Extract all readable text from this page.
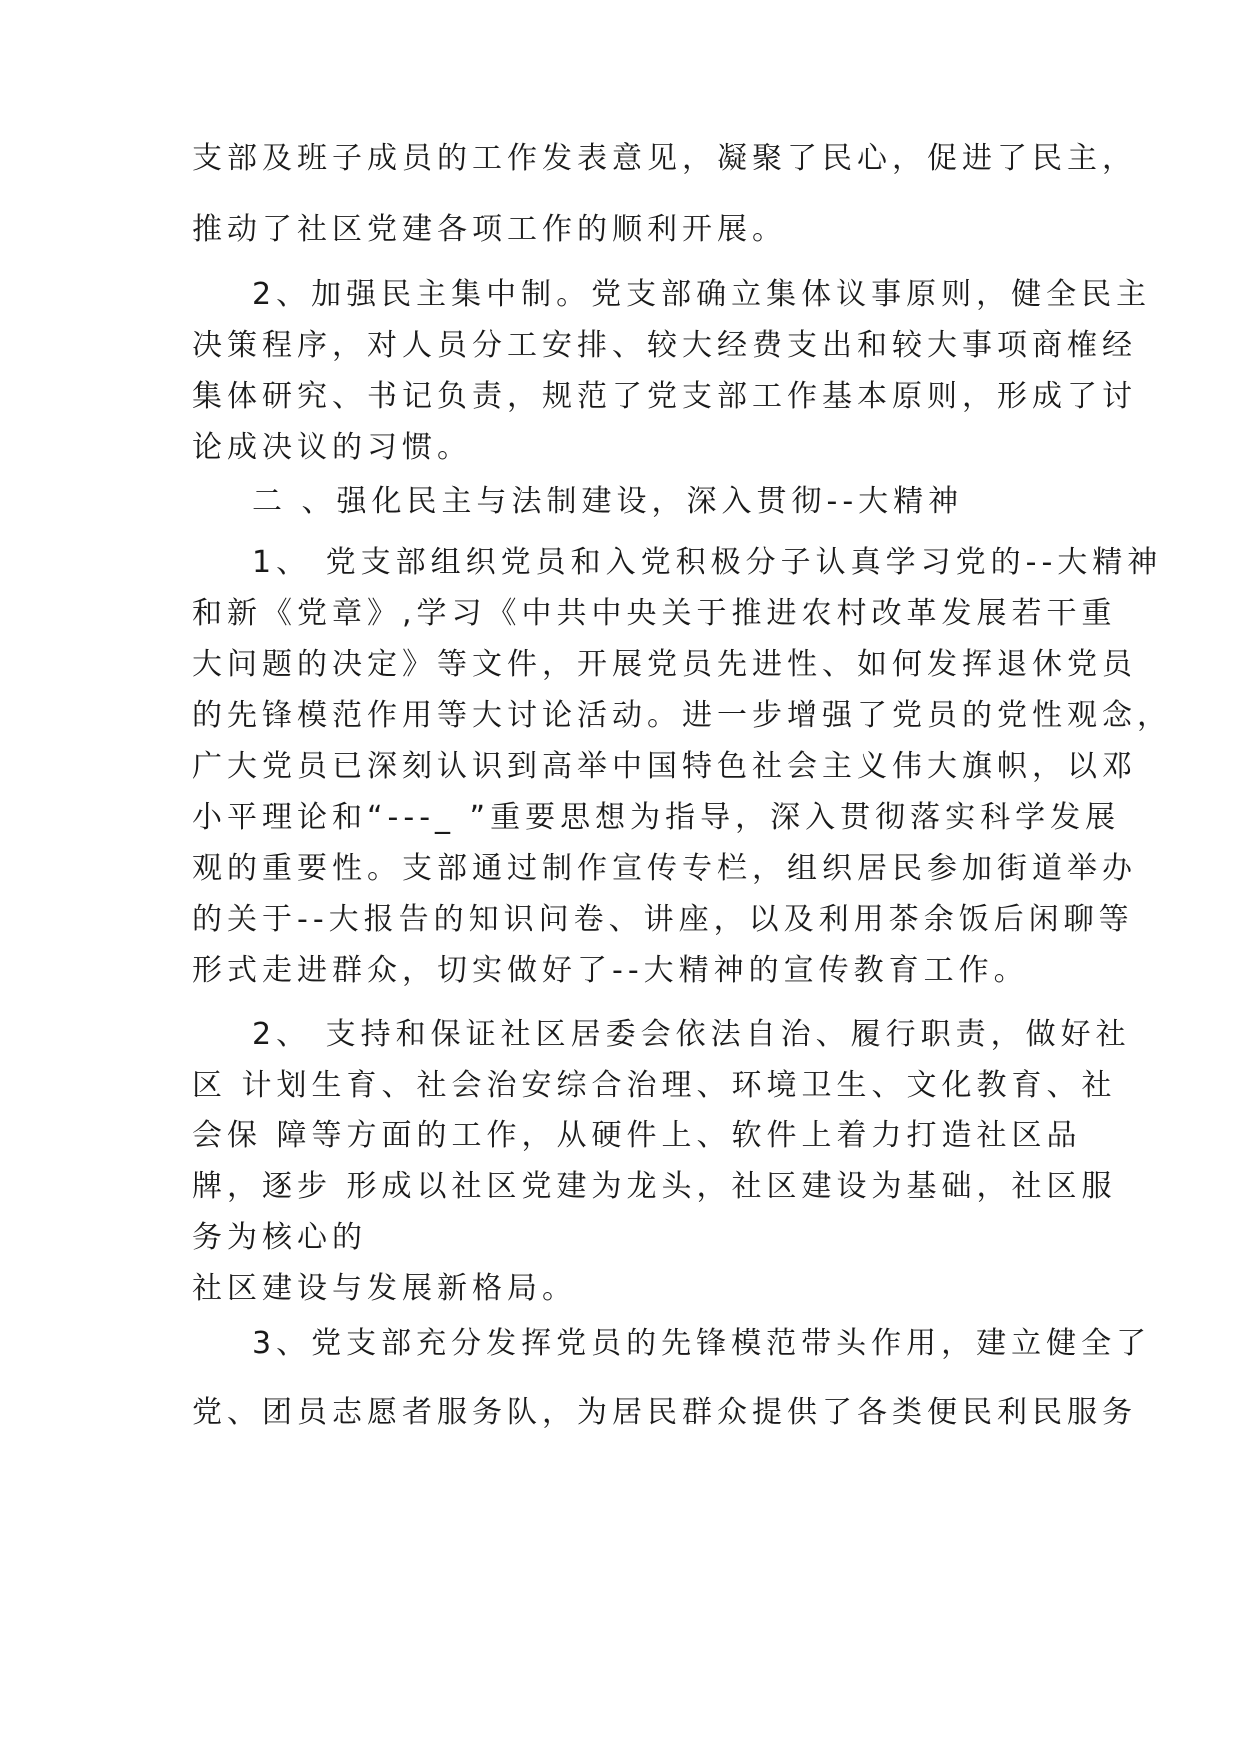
支部及班子成员的工作发表意见，凝聚了民心，促进了民主，
推动了社区党建各项工作的顺利开展。
2、加强民主集中制。党支部确立集体议事原则，健全民主
决策程序，对人员分工安排、较大经费支出和较大事项商榷经
集体研究、书记负责，规范了党支部工作基本原则，形成了讨
论成决议的习惯。
二 、强化民主与法制建设，深入贯彻--大精神
1、 党支部组织党员和入党积极分子认真学习党的--大精神
和新《党章》,学习《中共中央关于推进农村改革发展若干重
大问题的决定》等文件，开展党员先进性、如何发挥退休党员
的先锋模范作用等大讨论活动。进一步增强了党员的党性观念，
广大党员已深刻认识到高举中国特色社会主义伟大旗帜，以邓
小平理论和“---_ ”重要思想为指导，深入贯彻落实科学发展
观的重要性。支部通过制作宣传专栏，组织居民参加街道举办
的关于--大报告的知识问卷、讲座，以及利用茶余饭后闲聊等
形式走进群众，切实做好了--大精神的宣传教育工作。
2、 支持和保证社区居委会依法自治、履行职责，做好社
区 计划生育、社会治安综合治理、环境卫生、文化教育、社
会保 障等方面的工作，从硬件上、软件上着力打造社区品
牌，逐步 形成以社区党建为龙头，社区建设为基础，社区服
务为核心的
社区建设与发展新格局。
3、党支部充分发挥党员的先锋模范带头作用，建立健全了
党、团员志愿者服务队，为居民群众提供了各类便民利民服务
